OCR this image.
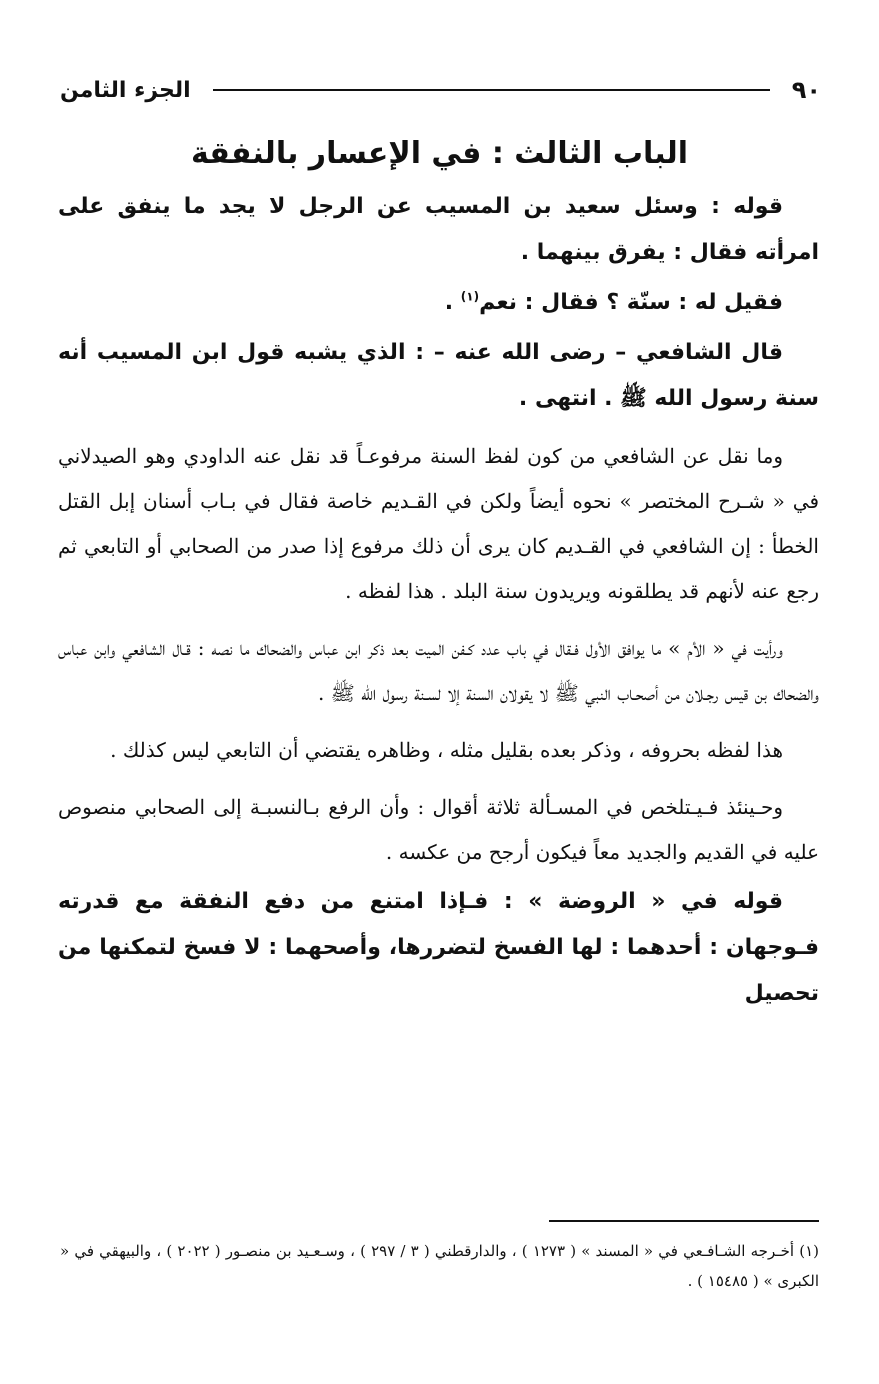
٩٠
الجزء الثامن
الباب الثالث : في الإعسار بالنفقة

قوله : وسئل سعيد بن المسيب عن الرجل لا يجد ما ينفق على امرأته فقال : يفرق بينهما .

فقيل له : سنّة ؟ فقال : نعم$^{(١)}$ .

قال الشافعي – رضى الله عنه – : الذي يشبه قول ابن المسيب أنه سنة رسول الله ﷺ . انتهى .

وما نقل عن الشافعي من كون لفظ السنة مرفوعـاً قد نقل عنه الداودي وهو الصيدلاني في « شـرح المختصر » نحوه أيضاً ولكن في القـديم خاصة فقال في بـاب أسنان إبل القتل الخطأ : إن الشافعي في القـديم كان يرى أن ذلك مرفوع إذا صدر من الصحابي أو التابعي ثم رجع عنه لأنهم قد يطلقونه ويريدون سنة البلد . هذا لفظه .

ورأيت في « الأم » ما يوافق الأول فـقال في باب عدد كـفن الميت بعد ذكر ابن عباس والضحاك ما نصه : قـال الشافعي وابن عباس والضحاك بن قيس رجـلان من أصحـاب النبي ﷺ لا يقولان السنة إلا لسـنة رسول الله ﷺ .

هذا لفظه بحروفه ، وذكر بعده بقليل مثله ، وظاهره يقتضي أن التابعي ليس كذلك .

وحـينئذ فـيـتلخص في المسـألة ثلاثة أقوال : وأن الرفع بـالنسبـة إلى الصحابي منصوص عليه في القديم والجديد معاً فيكون أرجح من عكسه .

قوله في « الروضة » : فـإذا امتنع من دفع النفقة مع قدرته فـوجهان : أحدهما : لها الفسخ لتضررها، وأصحهما : لا فسخ لتمكنها من تحصيل

(١) أخـرجه الشـافـعي في « المسند » ( ١٢٧٣ ) ، والدارقطني ( ٣ / ٢٩٧ ) ، وسـعـيد بن منصـور ( ٢٠٢٢ ) ، والبيهقي في « الكبرى » ( ١٥٤٨٥ ) .
